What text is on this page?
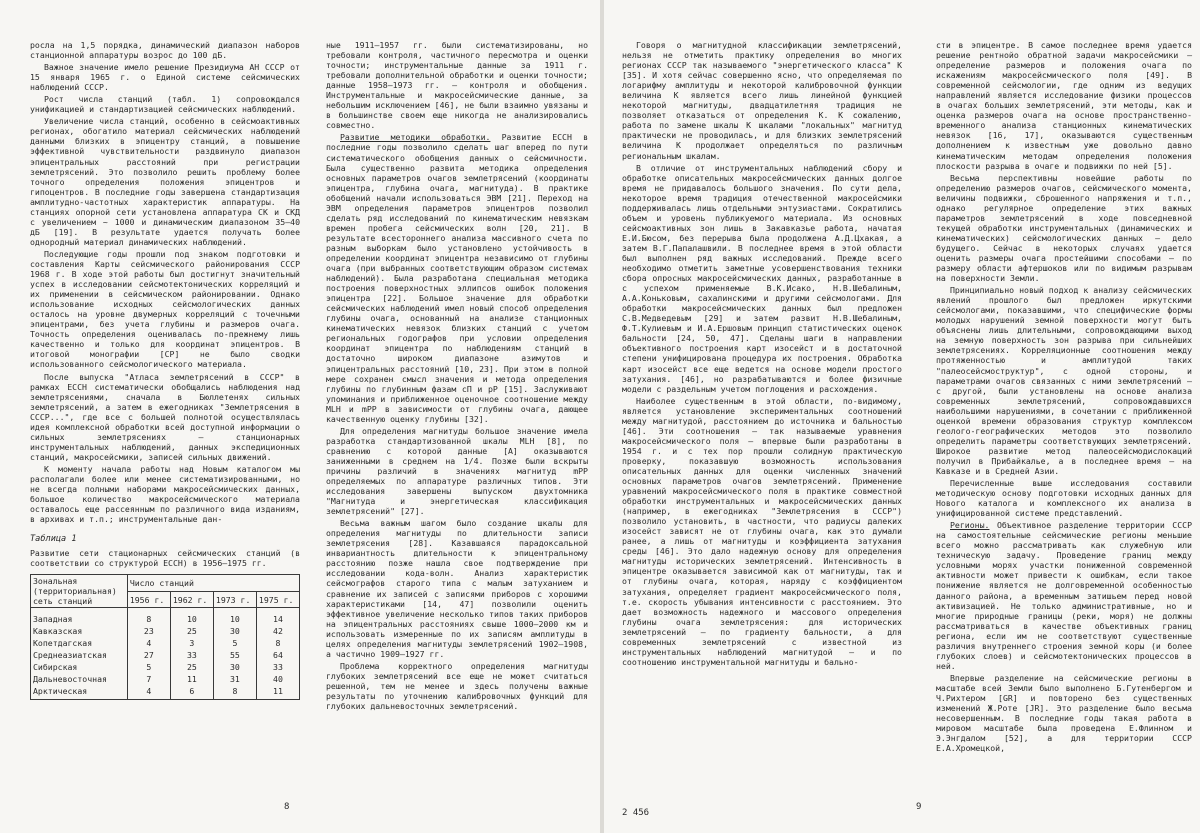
росла на 1,5 порядка, динамический диапазон наборов станционной аппаратуры возрос до 100 дБ.

Важное значение имело решение Президиума АН СССР от 15 января 1965 г. о Единой системе сейсмических наблюдений СССР.

Рост числа станций (табл. 1) сопровождался унификацией и стандартизацией сейсмических наблюдений.

Увеличение числа станций, особенно в сейсмоактивных регионах, обогатило материал сейсмических наблюдений данными близких в эпицентру станций, а повышение эффективной чувствительности раздвинуло диапазон эпицентральных расстояний при регистрации землетрясений. Это позволило решить проблему более точного определения положения эпицентров и гипоцентров. В последние годы завершена стандартизация амплитудно-частотных характеристик аппаратуры. На станциях опорной сети установлена аппаратура СК и СКД с увеличением ~ 1000 и динамическим диапазоном 35–40 дБ [19]. В результате удается получать более однородный материал динамических наблюдений.

Последующие годы прошли под знаком подготовки и составления Карты сейсмического районирования СССР 1968 г. В ходе этой работы был достигнут значительный успех в исследовании сейсмотектонических корреляций и их применении в сейсмическом районировании. Однако использование исходных сейсмологических данных осталось на уровне двумерных корреляций с точечными эпицентрами, без учета глубины и размеров очага. Точность определения оценивалась по-прежнему лишь качественно и только для координат эпицентров. В итоговой монографии [СР] не было сводки использованного сейсмологического материала.

После выпуска "Атласа землетрясений в СССР" в рамках ЕССН систематически обобщались наблюдения над землетрясениями, сначала в Бюллетенях сильных землетрясений, а затем в ежегодниках "Землетрясения в СССР...", где все с большей полнотой осуществлялась идея комплексной обработки всей доступной информации о сильных землетрясениях – станционарных инструментальных наблюдений, данных экспедиционных станций, макросейсмики, записей сильных движений.

К моменту начала работы над Новым каталогом мы располагали более или менее систематизированными, но не всегда полными наборами макросейсмических данных, большое количество макросейсмического материала оставалось еще рассеянным по различного вида изданиям, в архивах и т.п.; инструментальные дан-

Таблица 1
Развитие сети стационарных сейсмических станций (в соответствии со структурой ЕССН) в 1956–1975 гг.
Зональная (территориальная) сеть станций	Число станций			
	1956 г.	1962 г.	1973 г.	1975 г.
Западная	8	10	10	14
Кавказская	23	25	30	42
Копетдагская	4	3	5	8
Среднеазиатская	27	33	55	64
Сибирская	5	25	30	33
Дальневосточная	7	11	31	40
Арктическая	4	6	8	11

ные 1911–1957 гг. были систематизированы, но требовали контроля, частичного пересмотра и оценки точности; инструментальные данные за 1911 г. требовали дополнительной обработки и оценки точности; данные 1958–1973 гг. – контроля и обобщения. Инструментальные и макросейсмические данные, за небольшим исключением [46], не были взаимно увязаны и в большинстве своем еще никогда не анализировались совместно.

Развитие методики обработки. Развитие ЕССН в последние годы позволило сделать шаг вперед по пути систематического обобщения данных о сейсмичности. Была существенно развита методика определения основных параметров очагов землетрясений (координаты эпицентра, глубина очага, магнитуда). В практике обобщений начали использоваться ЭВМ [21]. Переход на ЭВМ определения параметров эпицентров позволил сделать ряд исследований по кинематическим невязкам времен пробега сейсмических волн [20, 21]. В результате всестороннего анализа массивного счета по разным выборкам было установлено устойчивость в определении координат эпицентра независимо от глубины очага (при выбранных соответствующим образом системах наблюдений). Была разработана специальная методика построения поверхностных эллипсов ошибок положения эпицентра [22]. Большое значение для обработки сейсмических наблюдений имел новый способ определения глубины очага, основанный на анализе станционных кинематических невязок близких станций с учетом региональных годографов при условии определения координат эпицентра по наблюдениям станций в достаточно широком диапазоне азимутов и эпицентральных расстояний [10, 23]. При этом в полной мере сохранен смысл значения и метода определения глубины по глубинным фазам сП и рР [15]. Заслуживают упоминания и приближенное оценочное соотношение между MLH и mPP в зависимости от глубины очага, дающее качественную оценку глубины [32].

Для определения магнитуды большое значение имела разработка стандартизованной шкалы MLH [8], по сравнению с которой данные [А] оказываются заниженными в среднем на 1/4. Позже были вскрыты причины различий в значениях магнитуд mPP определяемых по аппаратуре различных типов. Эти исследования завершены выпуском двухтомника "Магнитуда и энергетическая классификация землетрясений" [27].

Весьма важным шагом было создание шкалы для определения магнитуды по длительности записи землетрясения [28]. Казавшаяся парадоксальной инвариантность длительности к эпицентральному расстоянию позже нашла свое подтверждение при исследовании кода-волн. Анализ характеристик сейсмографов старого типа с малым затуханием и сравнение их записей с записями приборов с хорошими характеристиками [14, 47] позволили оценить эффективное увеличение несколько типов таких приборов на эпицентральных расстояниях свыше 1000–2000 км и использовать измеренные по их записям амплитуды в целях определения магнитуды землетрясений 1902–1908, а частично 1909–1927 гг.

Проблема корректного определения магнитуды глубоких землетрясений все еще не может считаться решенной, тем не менее и здесь получены важные результаты по уточнению калибровочных функций для глубоких дальневосточных землетрясений.

8

Говоря о магнитудной классификации землетрясений, нельзя не отметить практику определения во многих регионах СССР так называемого "энергетического класса" K [35]. И хотя сейчас совершенно ясно, что определяемая по логарифму амплитуды и некоторой калибровочной функции величина K является всего лишь линейной функцией некоторой магнитуды, двадцатилетняя традиция не позволяет отказаться от определения K. К сожалению, работа по замене шкалы K шкалами "локальных" магнитуд практически не проводилась, и для близких землетрясений величина K продолжает определяться по различным региональным шкалам.

В отличие от инструментальных наблюдений сбору и обработке описательных макросейсмических данных долгое время не придавалось большого значения. По сути дела, некоторое время традиция отечественной макросейсмики поддерживалась лишь отдельными энтузиастами. Сократились объем и уровень публикуемого материала. Из основных сейсмоактивных зон лишь в Закавказье работа, начатая Е.И.Бюсом, без перерыва была продолжена А.Д.Цхакая, а затем В.Г.Папалашвили. В последнее время в этой области был выполнен ряд важных исследований. Прежде всего необходимо отметить заметные усовершенствования техники сбора опросных макросейсмических данных, разработанные в с успехом применяемые В.К.Исако, Н.В.Шебалиным, А.А.Коньковым, сахалинскими и другими сейсмологами. Для обработки макросейсмических данных был предложен С.В.Медведевым [29] и затем развит Н.В.Шебалиным, Ф.Т.Кулиевым и И.А.Ершовым принцип статистических оценок бальности [24, 50, 47]. Сделаны шаги в направлении объективного построения карт изосейст и в достаточной степени унифицирована процедура их построения. Обработка карт изосейст все еще ведется на основе модели простого затухания. [46], но разрабатываются и более физичные модели с раздельным учетом поглощения и расхождения.

Наиболее существенным в этой области, по-видимому, является установление экспериментальных соотношений между магнитудой, расстоянием до источника и бальностью [46]. Эти соотношения – так называемые уравнения макросейсмического поля – впервые были разработаны в 1954 г. и с тех пор прошли солидную практическую проверку, показавшую возможность использования описательных данных для оценки численных значений основных параметров очагов землетрясений. Применение уравнений макросейсмического поля в практике совместной обработки инструментальных и макросейсмических данных (например, в ежегодниках "Землетрясения в СССР") позволило установить, в частности, что радиусы далеких изосейст зависят не от глубины очага, как это думали ранее, а лишь от магнитуды и коэффициента затухания среды [46]. Это дало надежную основу для определения магнитуды исторических землетрясений. Интенсивность в эпицентре оказывается зависимой как от магнитуды, так и от глубины очага, которая, наряду с коэффициентом затухания, определяет градиент макросейсмического поля, т.е. скорость убывания интенсивности с расстоянием. Это дает возможность надежного и массового определения глубины очага землетрясения: для исторических землетрясений – по градиенту бальности, а для современных землетрясений с известной из инструментальных наблюдений магнитудой – и по соотношению инструментальной магнитуды и бально-

сти в эпицентре. В самое последнее время удается решение рентнойо обратной задачи макросейсмики – определение размеров и положения очага по искажениям макросейсмического поля [49]. В современной сейсмологии, где одним из ведущих направлений является исследование физики процессов в очагах больших землетрясений, эти методы, как и оценка размеров очага на основе пространственно-временного анализа станционных кинематических невязок [16, 17], оказываются существенным дополнением к известным уже довольно давно кинематическим методам определения положения плоскости разрыва в очаге и подвижки по ней [5].

Весьма перспективны новейшие работы по определению размеров очагов, сейсмического момента, величины подвижки, сброшенного напряжения и т.п., однако регулярное определение этих важных параметров землетрясений в ходе повседневной текущей обработки инструментальных (динамических и кинематических) сейсмологических данных – дело будущего. Сейчас в некоторых случаях удается оценить размеры очага простейшими способами – по размеру области афтершоков или по видимым разрывам на поверхности Земли.

Принципиально новый подход к анализу сейсмических явлений прошлого был предложен иркутскими сейсмологами, показавшими, что специфические формы молодых нарушений земной поверхности могут быть объяснены лишь длительными, сопровождающими выход на земную поверхность зон разрыва при сильнейших землетрясениях. Корреляционные соотношения между протяженностью и амплитудой таких "палеосейсмоструктур", с одной стороны, и параметрами очагов связанных с ними землетрясений – с другой, были установлены на основе анализа современных землетрясений, сопровождавшихся наибольшими нарушениями, в сочетании с приближенной оценкой времени образования структур комплексом геолого-географических методов это позволило определить параметры соответствующих землетрясений. Широкое развитие метод палеосейсмодислокаций получил в Прибайкалье, а в последнее время – на Кавказе и в Средней Азии.

Перечисленные выше исследования составили методическую основу подготовки исходных данных для Нового каталога и комплексного их анализа в унифицированной системе представлений.

Регионы. Объективное разделение территории СССР на самостоятельные сейсмические регионы меньшие всего можно рассматривать как служебную или техническую задачу. Проведение границ между условными морях участки пониженной современной активности может привести к ошибкам, если такое понижение является не долговременной особенностью данного района, а временным затишьем перед новой активизацией. Не только административные, но и многие природные границы (реки, моря) не должны рассматриваться в качестве объективных границ региона, если им не соответствуют существенные различия внутреннего строения земной коры (и более глубоких слоев) и сейсмотектонических процессов в ней.

Впервые разделение на сейсмические регионы в масштабе всей Земли было выполнено Б.Гутенбергом и Ч.Рихтером [GR] и повторено без существенных изменений Ж.Роте [JR]. Это разделение было весьма несовершенным. В последние годы такая работа в мировом масштабе была проведена Е.Флинном и Э.Энгдалом [52], а для территории СССР Е.А.Хромецкой,

2 456
9
